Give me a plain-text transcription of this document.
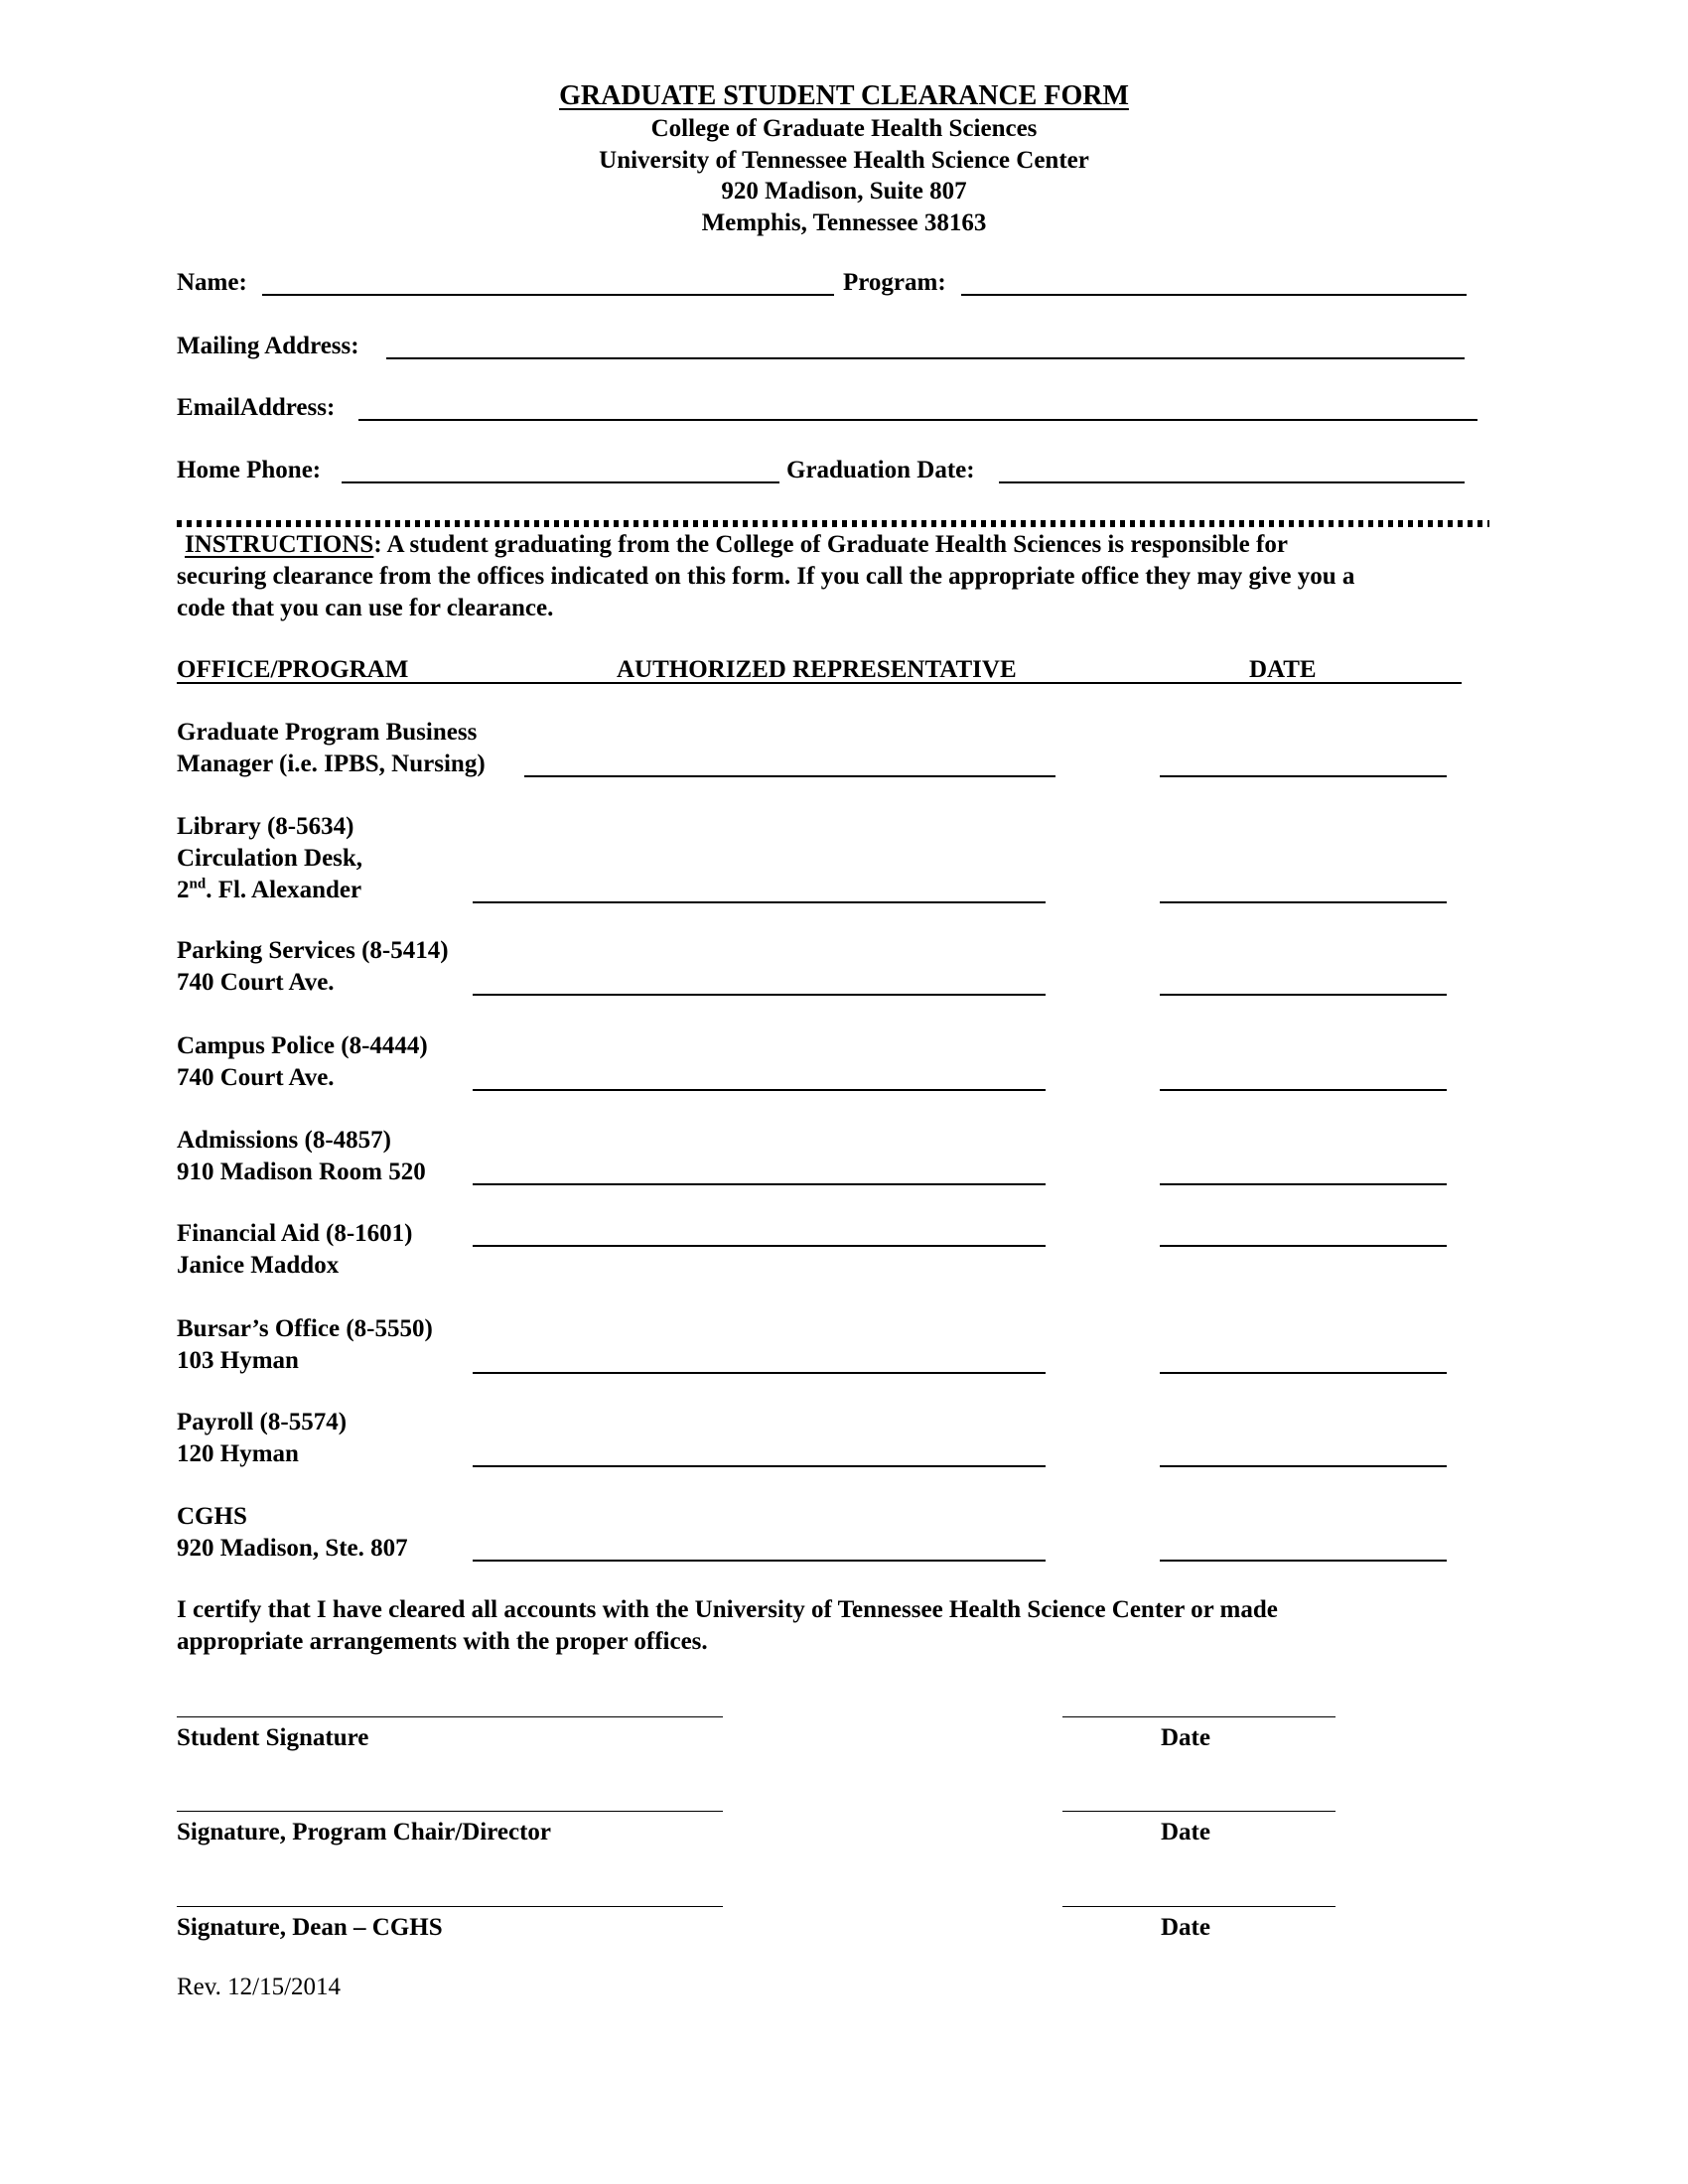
GRADUATE STUDENT CLEARANCE FORM
College of Graduate Health Sciences
University of Tennessee Health Science Center
920 Madison, Suite 807
Memphis, Tennessee 38163
Name:	Program:
Mailing Address:
EmailAddress:
Home Phone:	Graduation Date:
INSTRUCTIONS: A student graduating from the College of Graduate Health Sciences is responsible for
securing clearance from the offices indicated on this form. If you call the appropriate office they may give you a
code that you can use for clearance.
OFFICE/PROGRAM	AUTHORIZED REPRESENTATIVE	DATE
Graduate Program Business
Manager (i.e. IPBS, Nursing)
Library (8-5634)
Circulation Desk,
2nd. Fl. Alexander
Parking Services (8-5414)
740 Court Ave.
Campus Police (8-4444)
740 Court Ave.
Admissions (8-4857)
910 Madison Room 520
Financial Aid (8-1601)
Janice Maddox
Bursar’s Office (8-5550)
103 Hyman
Payroll (8-5574)
120 Hyman
CGHS
920 Madison, Ste. 807
I certify that I have cleared all accounts with the University of Tennessee Health Science Center or made
appropriate arrangements with the proper offices.
Student Signature	Date
Signature, Program Chair/Director	Date
Signature, Dean – CGHS	Date
Rev. 12/15/2014
